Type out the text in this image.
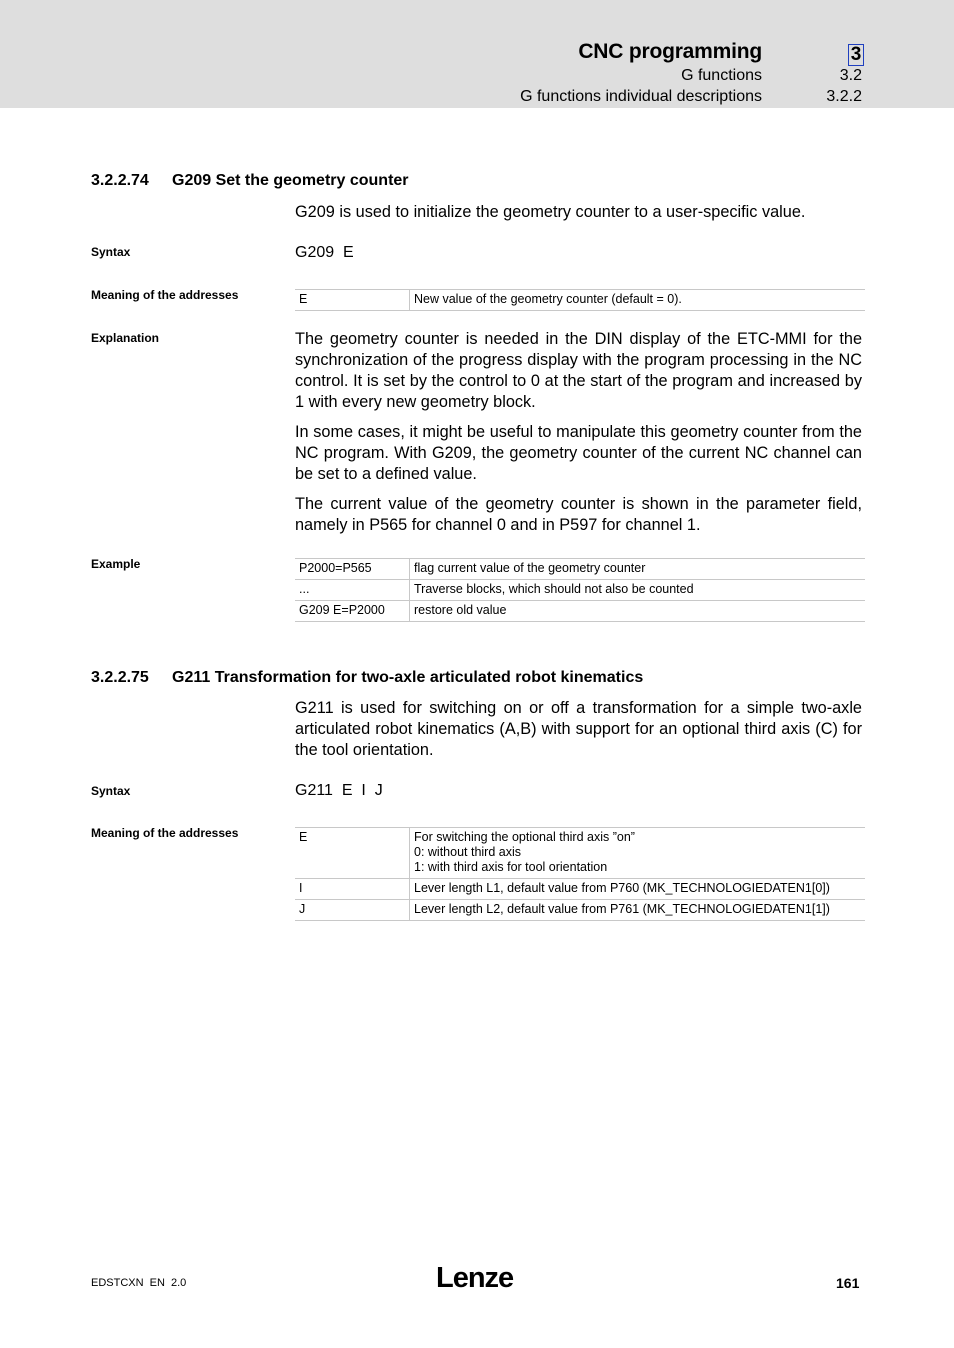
CNC programming	3
G functions	3.2
G functions individual descriptions	3.2.2
3.2.2.74 G209 Set the geometry counter
G209 is used to initialize the geometry counter to a user-specific value.
Syntax	G209  E
Meaning of the addresses	E	New value of the geometry counter (default = 0).
Explanation	The geometry counter is needed in the DIN display of the ETC-MMI for the synchronization of the progress display with the program processing in the NC control. It is set by the control to 0 at the start of the program and increased by 1 with every new geometry block.

In some cases, it might be useful to manipulate this geometry counter from the NC program. With G209, the geometry counter of the current NC channel can be set to a defined value.

The current value of the geometry counter is shown in the parameter field, namely in P565 for channel 0 and in P597 for channel 1.

Example	P2000=P565	flag current value of the geometry counter
...	Traverse blocks, which should not also be counted
G209 E=P2000	restore old value
3.2.2.75 G211 Transformation for two-axle articulated robot kinematics
G211 is used for switching on or off a transformation for a simple two-axle articulated robot kinematics (A,B) with support for an optional third axis (C) for the tool orientation.
Syntax	G211  E  I  J
Meaning of the addresses	E	For switching the optional third axis ”on”
0: without third axis
1: with third axis for tool orientation

I	Lever length L1, default value from P760 (MK_TECHNOLOGIEDATEN1[0])
J	Lever length L2, default value from P761 (MK_TECHNOLOGIEDATEN1[1])
EDSTCXN EN 2.0	Lenze	161
